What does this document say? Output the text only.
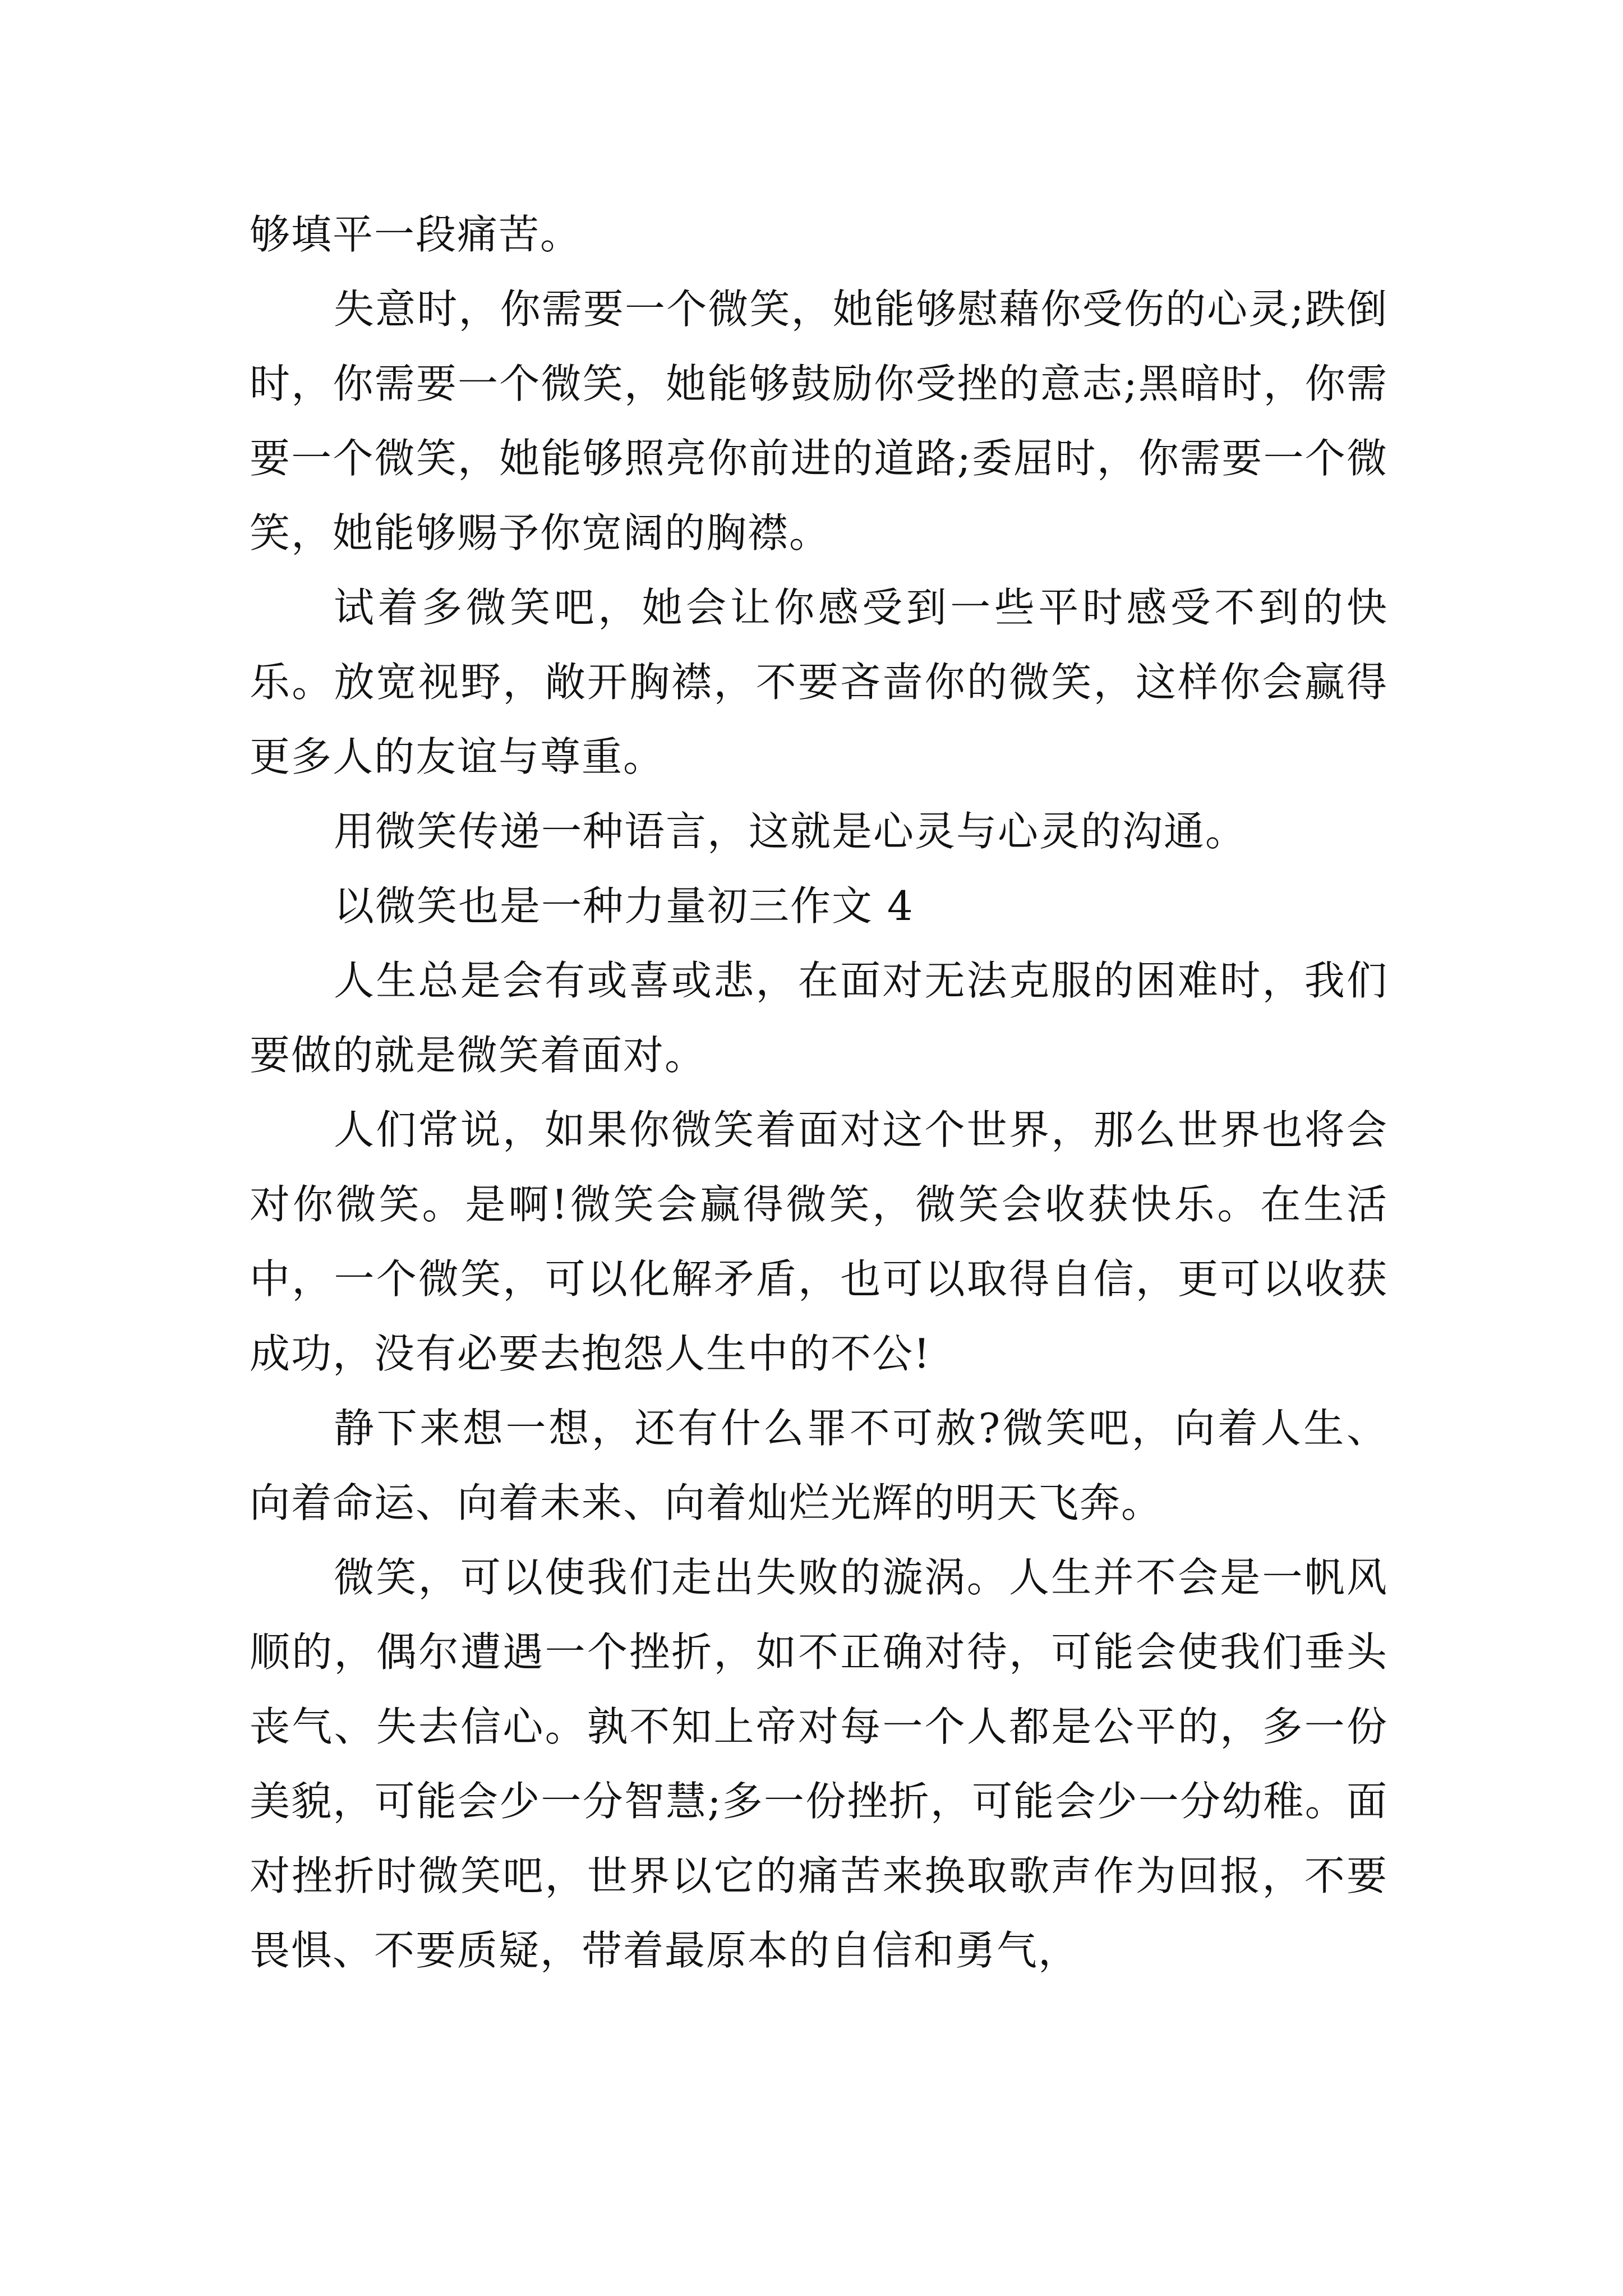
够填平一段痛苦。

失意时，你需要一个微笑，她能够慰藉你受伤的心灵;跌倒时，你需要一个微笑，她能够鼓励你受挫的意志;黑暗时，你需要一个微笑，她能够照亮你前进的道路;委屈时，你需要一个微笑，她能够赐予你宽阔的胸襟。

试着多微笑吧，她会让你感受到一些平时感受不到的快乐。放宽视野，敞开胸襟，不要吝啬你的微笑，这样你会赢得更多人的友谊与尊重。

用微笑传递一种语言，这就是心灵与心灵的沟通。

以微笑也是一种力量初三作文 4

人生总是会有或喜或悲，在面对无法克服的困难时，我们要做的就是微笑着面对。

人们常说，如果你微笑着面对这个世界，那么世界也将会对你微笑。是啊!微笑会赢得微笑，微笑会收获快乐。在生活中，一个微笑，可以化解矛盾，也可以取得自信，更可以收获成功，没有必要去抱怨人生中的不公!

静下来想一想，还有什么罪不可赦?微笑吧，向着人生、向着命运、向着未来、向着灿烂光辉的明天飞奔。

微笑，可以使我们走出失败的漩涡。人生并不会是一帆风顺的，偶尔遭遇一个挫折，如不正确对待，可能会使我们垂头丧气、失去信心。孰不知上帝对每一个人都是公平的，多一份美貌，可能会少一分智慧;多一份挫折，可能会少一分幼稚。面对挫折时微笑吧，世界以它的痛苦来换取歌声作为回报，不要畏惧、不要质疑，带着最原本的自信和勇气，
